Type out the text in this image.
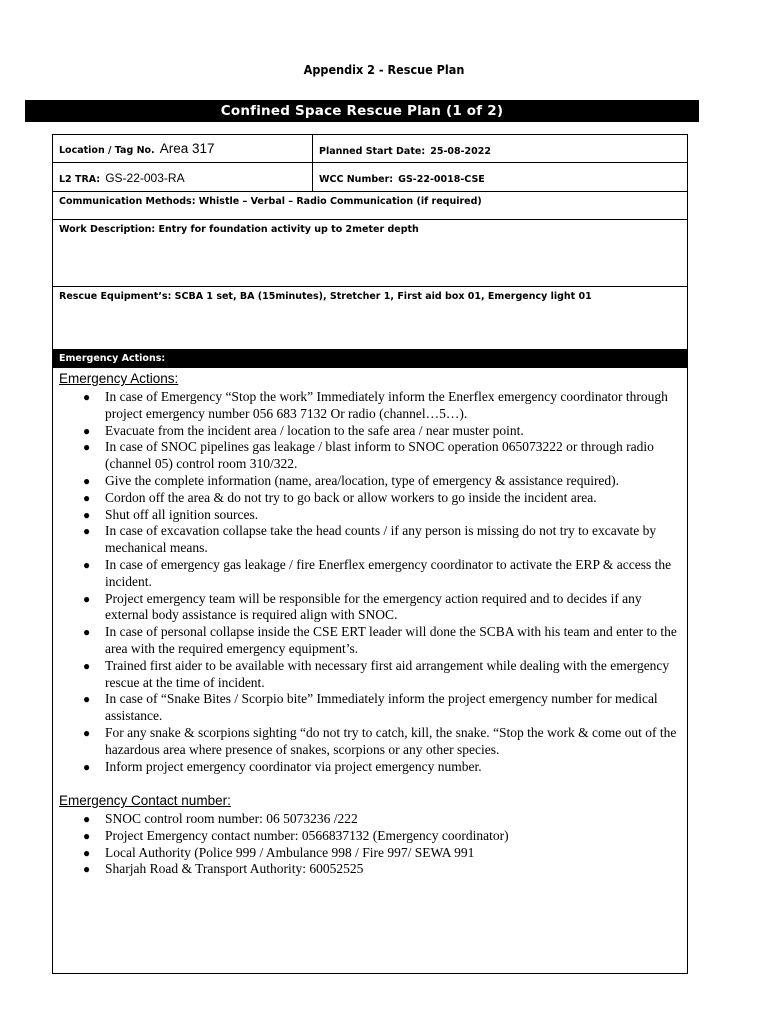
Appendix 2 - Rescue Plan
Confined Space Rescue Plan (1 of 2)
Location / Tag No. Area 317	Planned Start Date: 25-08-2022
L2 TRA: GS-22-003-RA	WCC Number: GS-22-0018-CSE
Communication Methods: Whistle – Verbal – Radio Communication (if required)
Work Description: Entry for foundation activity up to 2meter depth
Rescue Equipment’s: SCBA 1 set, BA (15minutes), Stretcher 1, First aid box 01, Emergency light 01
Emergency Actions:
Emergency Actions:
● In case of Emergency “Stop the work” Immediately inform the Enerflex emergency coordinator through project emergency number 056 683 7132 Or radio (channel…5…).
● Evacuate from the incident area / location to the safe area / near muster point.
● In case of SNOC pipelines gas leakage / blast inform to SNOC operation 065073222 or through radio (channel 05) control room 310/322.
● Give the complete information (name, area/location, type of emergency & assistance required).
● Cordon off the area & do not try to go back or allow workers to go inside the incident area.
● Shut off all ignition sources.
● In case of excavation collapse take the head counts / if any person is missing do not try to excavate by mechanical means.
● In case of emergency gas leakage / fire Enerflex emergency coordinator to activate the ERP & access the incident.
● Project emergency team will be responsible for the emergency action required and to decides if any external body assistance is required align with SNOC.
● In case of personal collapse inside the CSE ERT leader will done the SCBA with his team and enter to the area with the required emergency equipment’s.
● Trained first aider to be available with necessary first aid arrangement while dealing with the emergency rescue at the time of incident.
● In case of “Snake Bites / Scorpio bite” Immediately inform the project emergency number for medical assistance.
● For any snake & scorpions sighting “do not try to catch, kill, the snake. “Stop the work & come out of the hazardous area where presence of snakes, scorpions or any other species.
● Inform project emergency coordinator via project emergency number.
Emergency Contact number:
● SNOC control room number: 06 5073236 /222
● Project Emergency contact number: 0566837132 (Emergency coordinator)
● Local Authority (Police 999 / Ambulance 998 / Fire 997/ SEWA 991
● Sharjah Road & Transport Authority: 60052525
